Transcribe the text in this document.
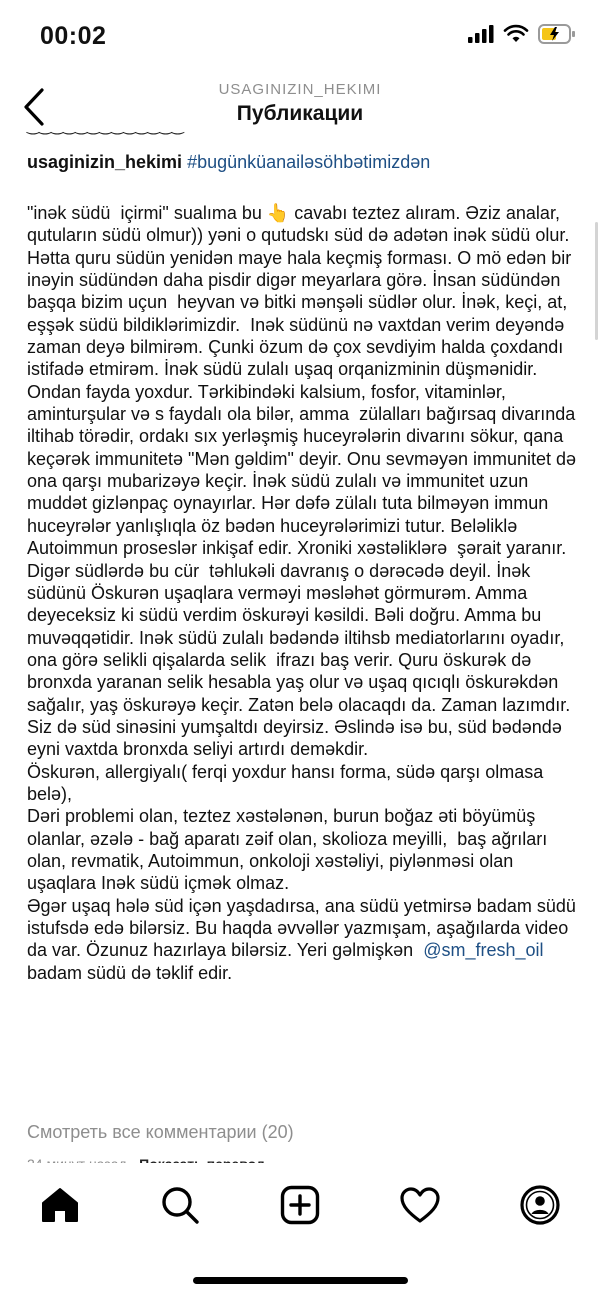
00:02
USAGINIZIN_HEKIMI
Публикации
‿‿‿‿‿‿‿‿‿‿‿‿‿
usaginizin_hekimi #bugünküanailəsöhbətimizdən
"inək südü  içirmi" sualıma bu 👆 cavabı teztez alıram. Əziz analar, qutuların südü olmur)) yəni o qutudskı süd də adətən inək südü olur. Hətta quru südün yenidən maye hala keçmiş forması. O mö edən bir inəyin südündən daha pisdir digər meyarlara görə. İnsan südündən başqa bizim uçun  heyvan və bitki mənşəli südlər olur. İnək, keçi, at, eşşək südü bildiklərimizdir.  Inək südünü nə vaxtdan verim deyəndə zaman deyə bilmirəm. Çunki özum də çox sevdiyim halda çoxdandı istifadə etmirəm. İnək südü zulalı uşaq orqanizminin düşmənidir. Ondan fayda yoxdur. Tərkibindəki kalsium, fosfor, vitaminlər, aminturşular və s faydalı ola bilər, amma  zülalları bağırsaq divarında iltihab törədir, ordakı sıx yerləşmiş huceyrələrin divarını sökur, qana keçərək immunitetə "Mən gəldim" deyir. Onu sevməyən immunitet də ona qarşı mubarizəyə keçir. İnək südü zulalı və immunitet uzun muddət gizlənpaç oynayırlar. Hər dəfə zülalı tuta bilməyən immun huceyrələr yanlışlıqla öz bədən huceyrələrimizi tutur. Beləliklə Autoimmun proseslər inkişaf edir. Xroniki xəstəliklərə  şərait yaranır. Digər südlərdə bu cür  təhlukəli davranış o dərəcədə deyil. İnək südünü Öskurən uşaqlara verməyi məsləhət görmurəm. Amma deyeceksiz ki südü verdim öskurəyi kəsildi. Bəli doğru. Amma bu muvəqqətidir. Inək südü zulalı bədəndə iltihsb mediatorlarını oyadır, ona görə selikli qişalarda selik  ifrazı baş verir. Quru öskurək də bronxda yaranan selik hesabla yaş olur və uşaq qıcıqlı öskurəkdən sağalır, yaş öskurəyə keçir. Zatən belə olacaqdı da. Zaman lazımdır. Siz də süd sinəsini yumşaltdı deyirsiz. Əslində isə bu, süd bədəndə eyni vaxtda bronxda seliyi artırdı deməkdir.
Öskurən, allergiyalı( ferqi yoxdur hansı forma, südə qarşı olmasa belə),
Dəri problemi olan, teztez xəstələnən, burun boğaz əti böyümüş olanlar, əzələ - bağ aparatı zəif olan, skolioza meyilli,  baş ağrıları olan, revmatik, Autoimmun, onkoloji xəstəliyi, piylənməsi olan uşaqlara Inək südü içmək olmaz.
Əgər uşaq hələ süd içən yaşdadırsa, ana südü yetmirsə badam südü istufsdə edə bilərsiz. Bu haqda əvvəllər yazmışam, aşağılarda video da var. Özunuz hazırlaya bilərsiz. Yeri gəlmişkən  @sm_fresh_oil  badam südü də təklif edir.
Смотреть все комментарии (20)
